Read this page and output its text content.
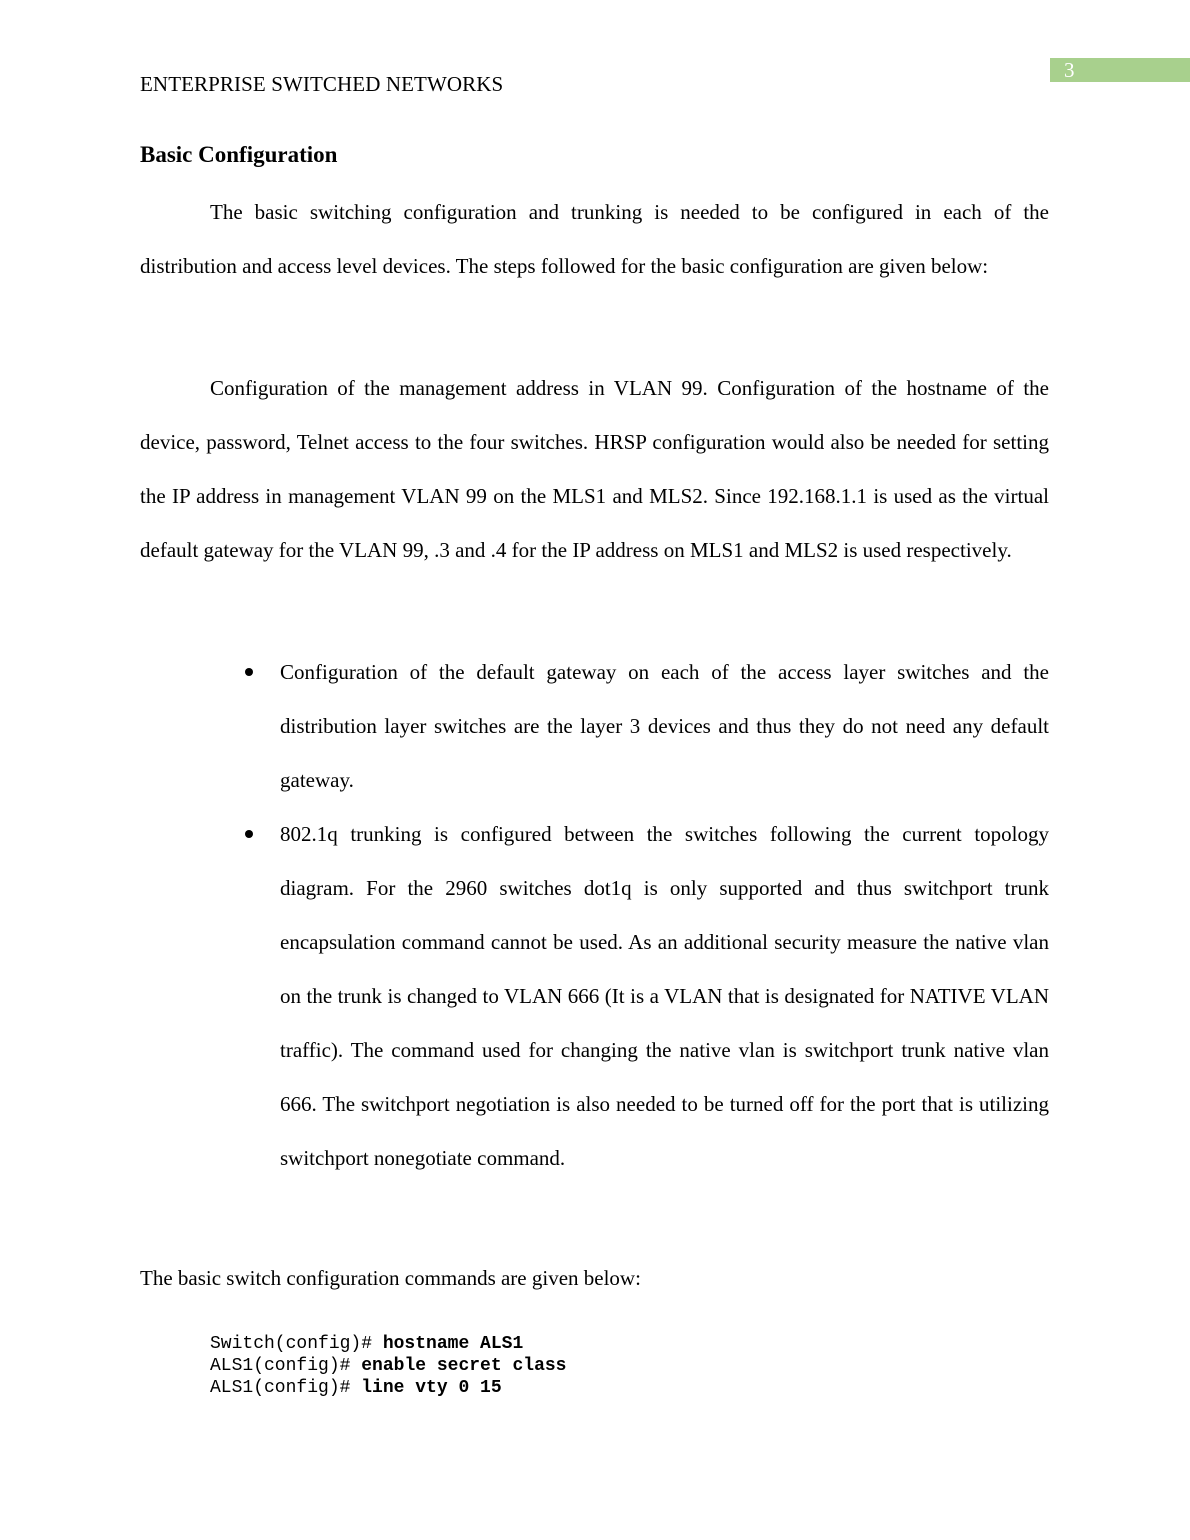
3
ENTERPRISE SWITCHED NETWORKS
Basic Configuration

The basic switching configuration and trunking is needed to be configured in each of the distribution and access level devices. The steps followed for the basic configuration are given below:

Configuration of the management address in VLAN 99. Configuration of the hostname of the device, password, Telnet access to the four switches. HRSP configuration would also be needed for setting the IP address in management VLAN 99 on the MLS1 and MLS2. Since 192.168.1.1 is used as the virtual default gateway for the VLAN 99, .3 and .4 for the IP address on MLS1 and MLS2 is used respectively.

Configuration of the default gateway on each of the access layer switches and the distribution layer switches are the layer 3 devices and thus they do not need any default gateway.
802.1q trunking is configured between the switches following the current topology diagram. For the 2960 switches dot1q is only supported and thus switchport trunk encapsulation command cannot be used. As an additional security measure the native vlan on the trunk is changed to VLAN 666 (It is a VLAN that is designated for NATIVE VLAN traffic). The command used for changing the native vlan is switchport trunk native vlan 666. The switchport negotiation is also needed to be turned off for the port that is utilizing switchport nonegotiate command.
The basic switch configuration commands are given below:
Switch(config)# hostname ALS1
ALS1(config)# enable secret class
ALS1(config)# line vty 0 15
